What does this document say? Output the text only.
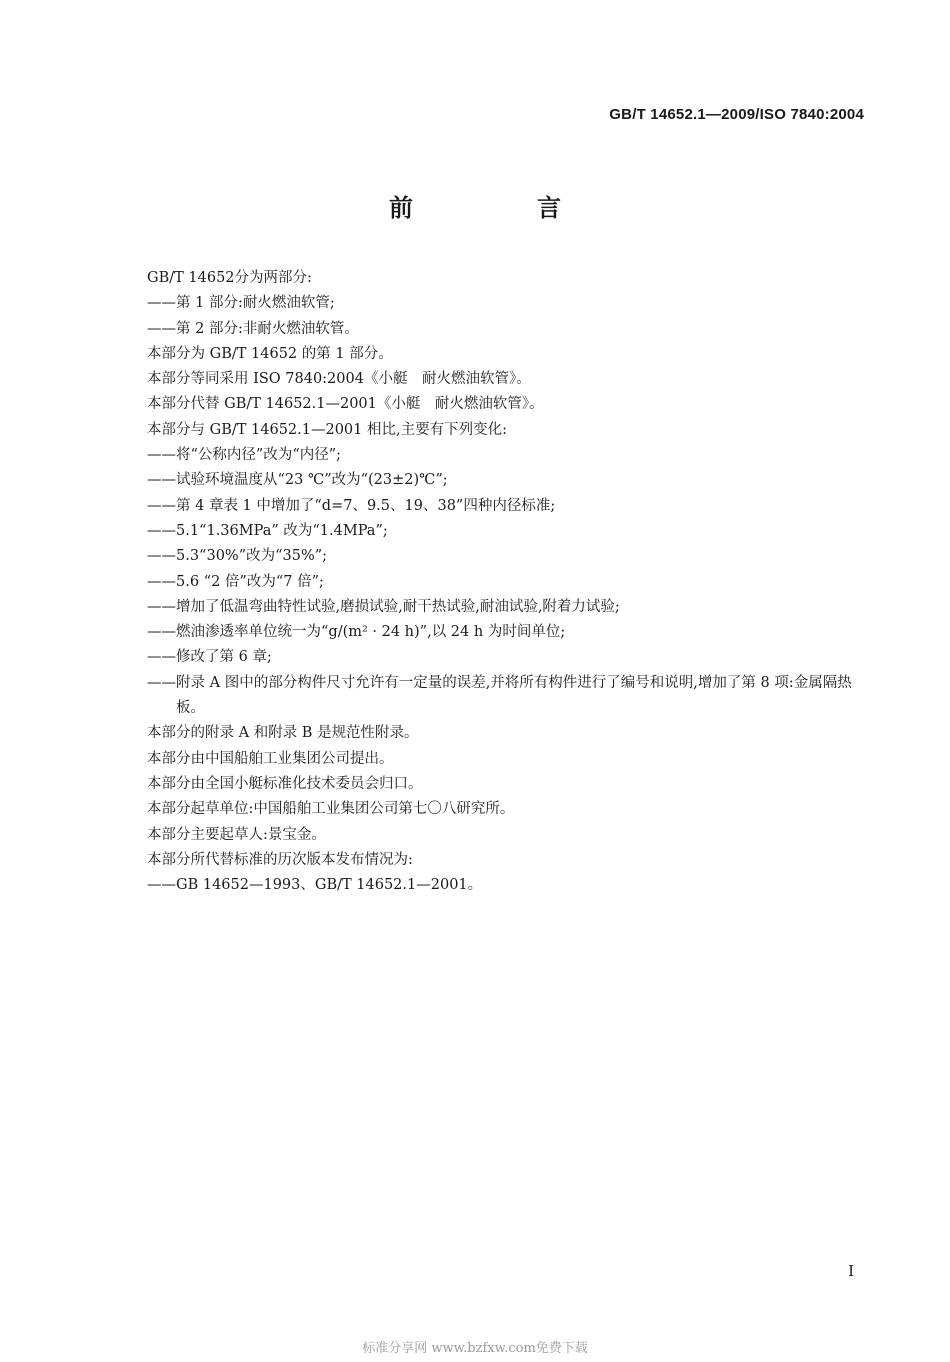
GB/T 14652.1—2009/ISO 7840:2004
前　言
GB/T 14652分为两部分:
—— 第 1 部分:耐火燃油软管;
—— 第 2 部分:非耐火燃油软管。
本部分为 GB/T 14652 的第 1 部分。
本部分等同采用 ISO 7840:2004《小艇　耐火燃油软管》。
本部分代替 GB/T 14652.1—2001《小艇　耐火燃油软管》。
本部分与 GB/T 14652.1—2001 相比,主要有下列变化:
—— 将“公称内径”改为“内径”;
—— 试验环境温度从“23 ℃”改为“(23±2)℃”;
—— 第 4 章表 1 中增加了“d=7、9.5、19、38”四种内径标准;
—— 5.1“1.36MPa” 改为“1.4MPa”;
—— 5.3“30%”改为“35%”;
—— 5.6 “2 倍”改为“7 倍”;
—— 增加了低温弯曲特性试验,磨损试验,耐干热试验,耐油试验,附着力试验;
—— 燃油渗透率单位统一为“g/(m² · 24 h)”,以 24 h 为时间单位;
—— 修改了第 6 章;
—— 附录 A 图中的部分构件尺寸允许有一定量的误差,并将所有构件进行了编号和说明,增加了第 8 项:金属隔热板。
本部分的附录 A 和附录 B 是规范性附录。
本部分由中国船舶工业集团公司提出。
本部分由全国小艇标准化技术委员会归口。
本部分起草单位:中国船舶工业集团公司第七〇八研究所。
本部分主要起草人:景宝金。
本部分所代替标准的历次版本发布情况为:
—— GB 14652—1993、GB/T 14652.1—2001。
I
标准分享网 www.bzfxw.com免费下载
